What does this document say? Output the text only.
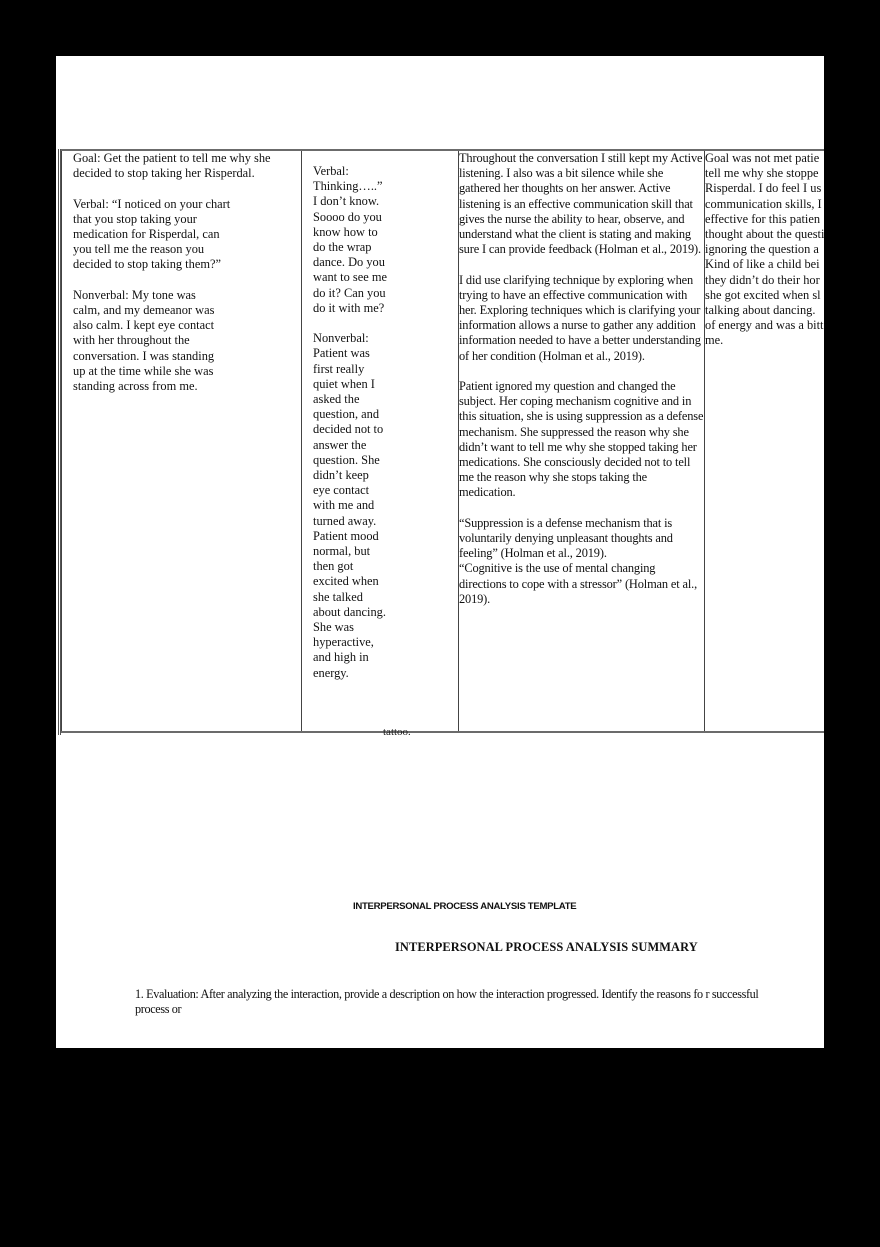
Goal: Get the patient to tell me why she decided to stop taking her Risperdal.

Verbal: “I noticed on your chart that you stop taking your medication for Risperdal, can you tell me the reason you decided to stop taking them?”

Nonverbal: My tone was calm, and my demeanor was also calm. I kept eye contact with her throughout the conversation. I was standing up at the time while she was standing across from me.

Verbal: Thinking…..” I don’t know. Soooo do you know how to do the wrap dance. Do you want to see me do it? Can you do it with me?

Nonverbal: Patient was first really quiet when I asked the question, and decided not to answer the question. She didn’t keep eye contact with me and turned away. Patient mood normal, but then got excited when she talked about dancing. She was hyperactive, and high in energy.

Throughout the conversation I still kept my Active listening. I also was a bit silence while she gathered her thoughts on her answer. Active listening is an effective communication skill that gives the nurse the ability to hear, observe, and understand what the client is stating and making sure I can provide feedback (Holman et al., 2019).

I did use clarifying technique by exploring when trying to have an effective communication with her. Exploring techniques which is clarifying your information allows a nurse to gather any addition information needed to have a better understanding of her condition (Holman et al., 2019).

Patient ignored my question and changed the subject. Her coping mechanism cognitive and in this situation, she is using suppression as a defense mechanism. She suppressed the reason why she didn’t want to tell me why she stopped taking her medications. She consciously decided not to tell me the reason why she stops taking the medication.

“Suppression is a defense mechanism that is voluntarily denying unpleasant thoughts and feeling” (Holman et al., 2019).

“Cognitive is the use of mental changing directions to cope with a stressor” (Holman et al., 2019).

Goal was not met patie
tell me why she stoppe
Risperdal. I do feel I us
communication skills, I
effective for this patien
thought about the questi
ignoring the question a
Kind of like a child bei
they didn’t do their hor
she got excited when sl
talking about dancing.
of energy and was a bitt
me.
tattoo.
INTERPERSONAL PROCESS ANALYSIS TEMPLATE
INTERPERSONAL PROCESS ANALYSIS SUMMARY
1. Evaluation: After analyzing the interaction, provide a description on how the interaction progressed. Identify the reasons fo r successful process or
